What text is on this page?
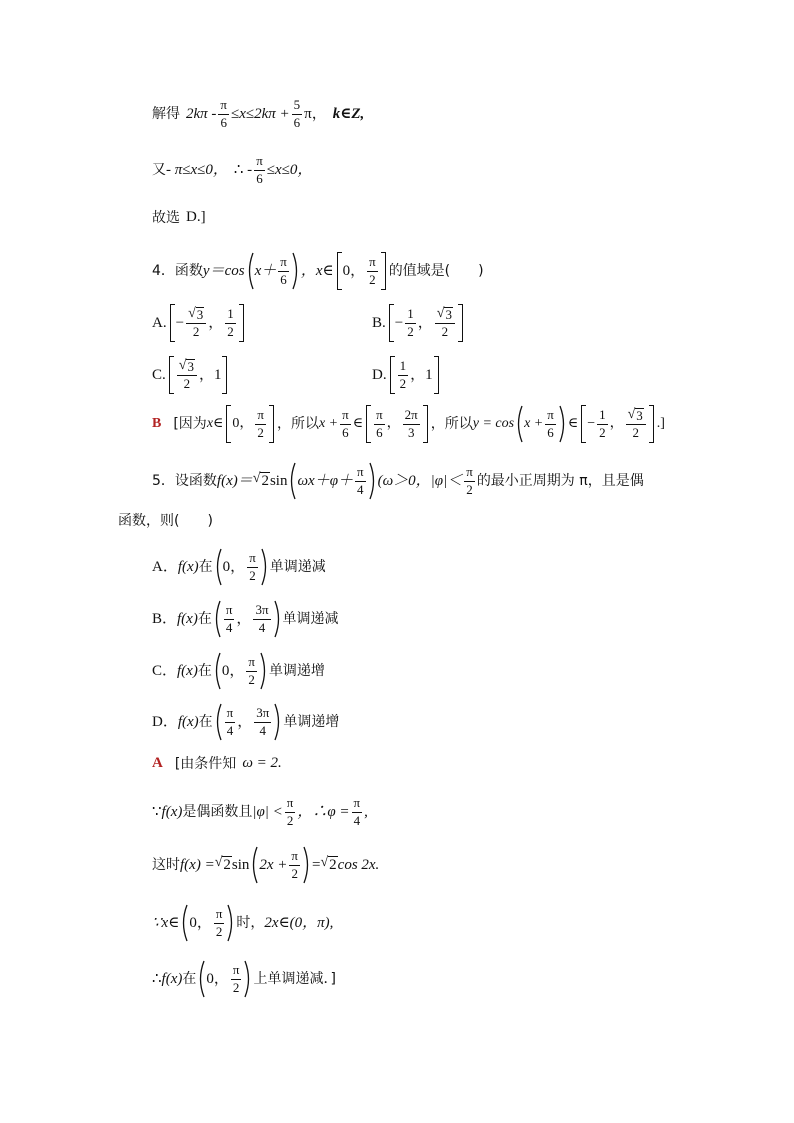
解得 $2k\pi - \frac{\pi}{6} \le x\le 2k\pi + \frac{5}{6}$ π， k∈Z,
又 - π≤x≤0， ∴ - $\frac{\pi}{6} \le x\le 0$，
故选 D.]
4．函数 y＝cos $x+ \frac{\pi}{6}$ ，x∈ 0， $\frac{\pi}{2}$ 的值域是(　　)
A. − $\frac{√ 3}{2}$ ， $\frac{1}{2}$	B. − $\frac{1}{2}$ ， $\frac{√ 3}{2}$
C. $\frac{√ 3}{2}$ ，1	D. $\frac{1}{2}$ ，1
B [因为 x∈ 0， $\frac{\pi}{2}$ ，所以 $x + \frac{\pi}{6}$ ∈ $\frac{\pi}{6}$ ， $\frac{2\pi}{3}$ ，所以 $y = \cos x + \frac{\pi}{6}$ ∈ − $\frac{1}{2}$ ， $\frac{√ 3}{2}$ .]
5．设函数 f(x)＝ √ 2 $\sin \omega x+\varphi+ \frac{\pi}{4} (\omega>0$，$|\varphi|< \frac{\pi}{2}$ 的最小正周期为 π，且是偶
函数，则(　　)
A． f(x) 在 0， $\frac{\pi}{2}$ 单调递减
B． f(x) 在 $\frac{\pi}{4}$ ， $\frac{3\pi}{4}$ 单调递减
C． f(x) 在 0， $\frac{\pi}{2}$ 单调递增
D． f(x) 在 $\frac{\pi}{4}$ ， $\frac{3\pi}{4}$ 单调递增
A [由条件知 ω = 2.
∵ f(x) 是偶函数且 $|\varphi| < \frac{\pi}{2}$ ，∴φ = $\frac{\pi}{4}$ ,
这时 f(x) = √ 2 $\sin 2x + \frac{\pi}{2}$ = √ 2 cos 2x.
∵x∈ 0， $\frac{\pi}{2}$ 时， 2x∈(0，π),
∴ f(x) 在 0， $\frac{\pi}{2}$ 上单调递减．]
